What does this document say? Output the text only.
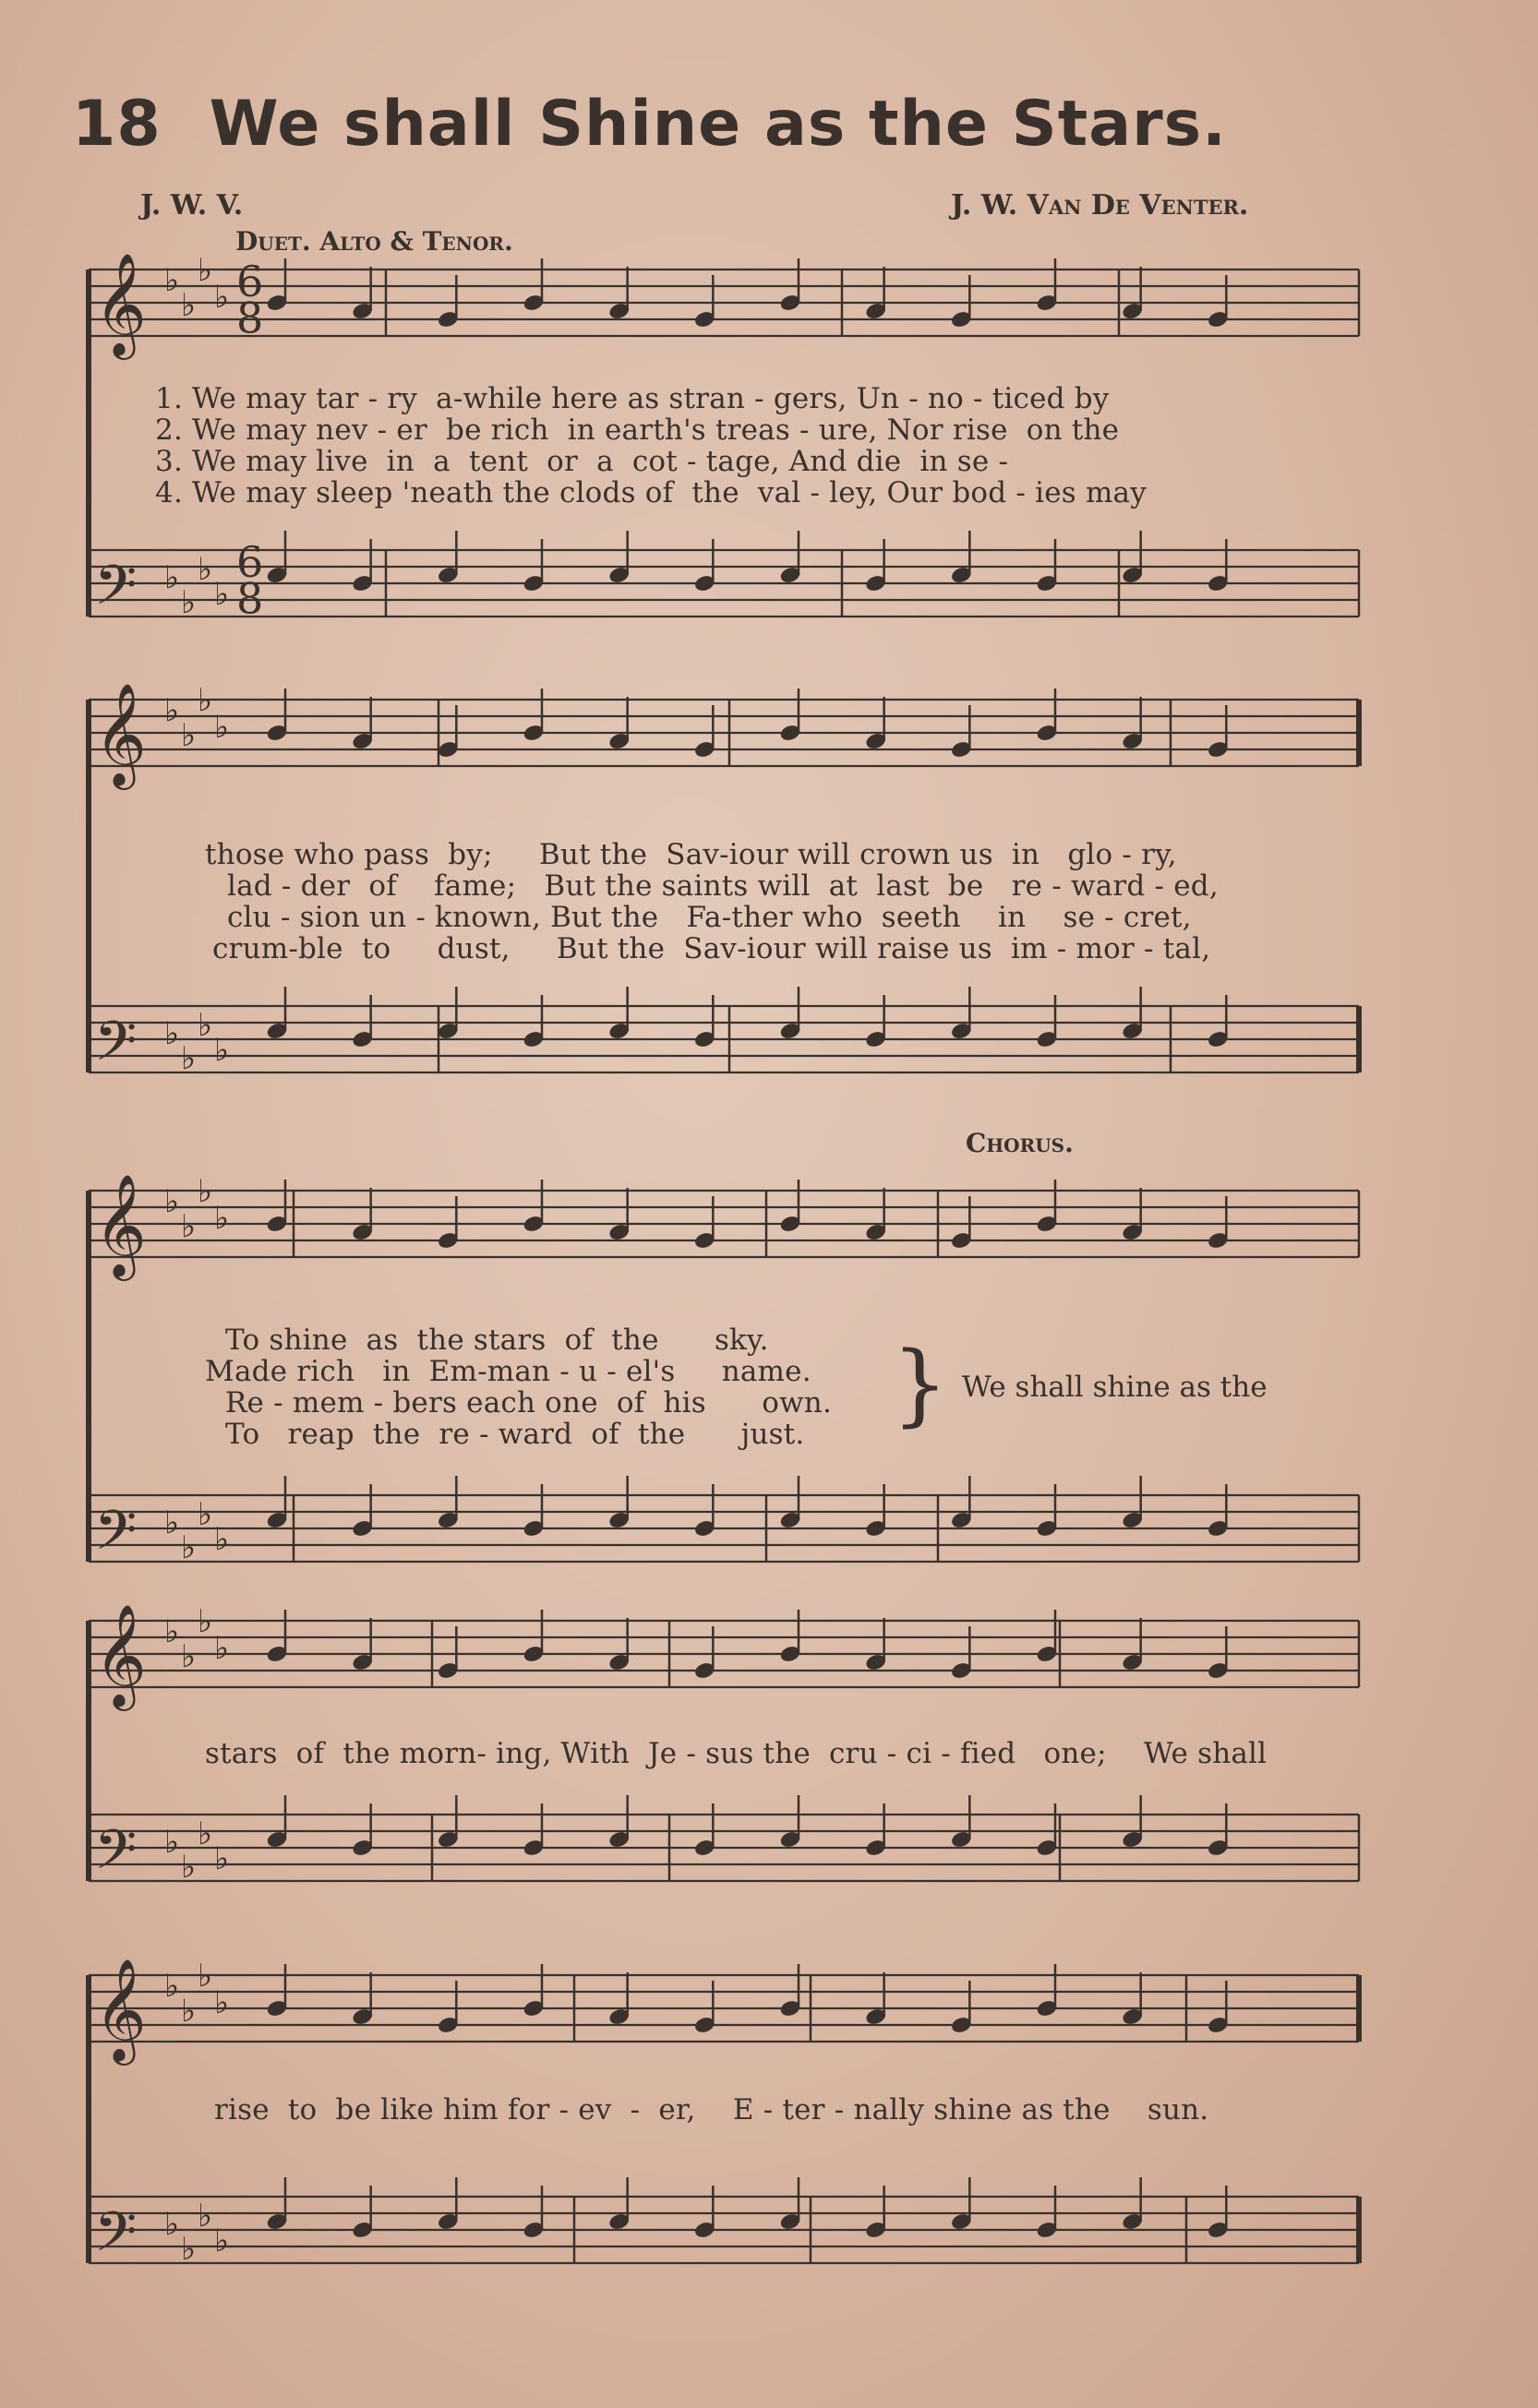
18 We shall Shine as the Stars.
J. W. V.	J. W. Van De Venter.
Duet. Alto & Tenor.
𝄞 ♭
♭
♭
♭ 6
8
𝄢 ♭
♭
♭
♭
6
8
𝄞 ♭
♭
♭
♭
𝄢 ♭
♭
♭
♭
𝄞 ♭
♭
♭
♭
𝄢 ♭
♭
♭
♭
𝄞 ♭
♭
♭
♭
𝄢 ♭
♭
♭
♭
𝄞 ♭
♭
♭
♭
𝄢 ♭
♭
♭
♭
1. We may tar - ry  a-while here as stran - gers, Un - no - ticed by
2. We may nev - er  be rich  in earth's treas - ure, Nor rise  on the
3. We may live  in  a  tent  or  a  cot - tage, And die  in se -
4. We may sleep 'neath the clods of  the  val - ley, Our bod - ies may
those who pass  by;     But the  Sav-iour will crown us  in   glo - ry,
lad - der  of    fame;   But the saints will  at  last  be   re - ward - ed,
clu - sion un - known, But the   Fa-ther who  seeth    in    se - cret,
crum-ble  to     dust,     But the  Sav-iour will raise us  im - mor - tal,
Chorus.
To shine  as  the stars  of  the      sky.
Made rich   in  Em-man - u - el's     name.
Re - mem - bers each one  of  his      own.
To   reap  the  re - ward  of  the      just. } We shall shine as the
stars  of  the morn- ing, With  Je - sus the  cru - ci - fied   one;    We shall
rise  to  be like him for - ev  -  er,    E - ter - nally shine as the    sun.
